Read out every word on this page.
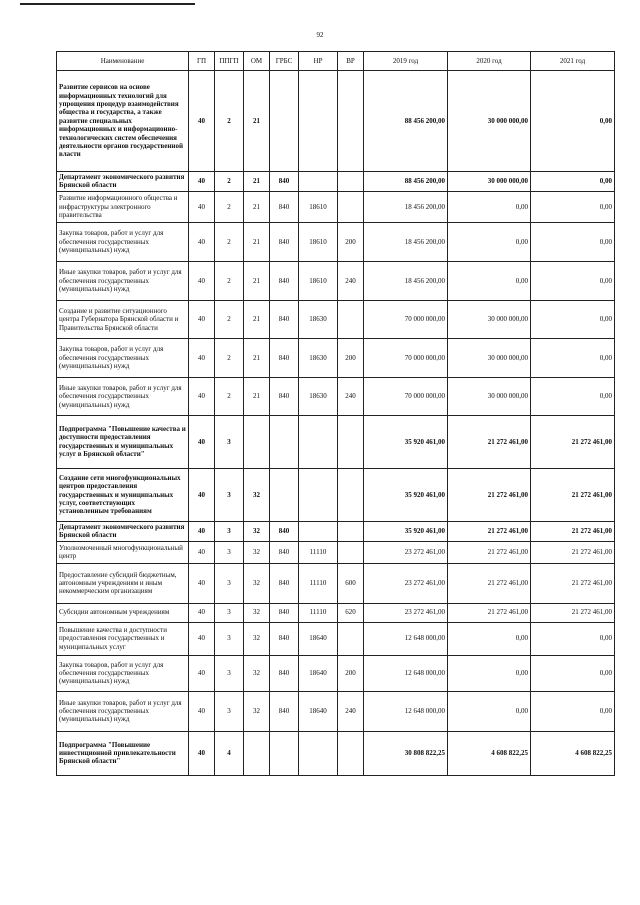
92
Наименование	ГП	ППГП	ОМ	ГРБС	НР	ВР	2019 год	2020 год	2021 год
Развитие сервисов на основе информационных технологий для упрощения процедур взаимодействия общества и государства, а также развитие специальных информационных и информационно-технологических систем обеспечения деятельности органов государственной власти	40	2	21				88 456 200,00	30 000 000,00	0,00
Департамент экономического развития Брянской области	40	2	21	840			88 456 200,00	30 000 000,00	0,00
Развитие информационного общества и инфраструктуры электронного правительства	40	2	21	840	18610		18 456 200,00	0,00	0,00
Закупка товаров, работ и услуг для обеспечения государственных (муниципальных) нужд	40	2	21	840	18610	200	18 456 200,00	0,00	0,00
Иные закупки товаров, работ и услуг для обеспечения государственных (муниципальных) нужд	40	2	21	840	18610	240	18 456 200,00	0,00	0,00
Создание и развитие ситуационного центра Губернатора Брянской области и Правительства Брянской области	40	2	21	840	18630		70 000 000,00	30 000 000,00	0,00
Закупка товаров, работ и услуг для обеспечения государственных (муниципальных) нужд	40	2	21	840	18630	200	70 000 000,00	30 000 000,00	0,00
Иные закупки товаров, работ и услуг для обеспечения государственных (муниципальных) нужд	40	2	21	840	18630	240	70 000 000,00	30 000 000,00	0,00
Подпрограмма "Повышение качества и доступности предоставления государственных и муниципальных услуг в Брянской области"	40	3					35 920 461,00	21 272 461,00	21 272 461,00
Создание сети многофункциональных центров предоставления государственных и муниципальных услуг, соответствующих установленным требованиям	40	3	32				35 920 461,00	21 272 461,00	21 272 461,00
Департамент экономического развития Брянской области	40	3	32	840			35 920 461,00	21 272 461,00	21 272 461,00
Уполномоченный многофункциональный центр	40	3	32	840	11110		23 272 461,00	21 272 461,00	21 272 461,00
Предоставление субсидий бюджетным, автономным учреждениям и иным некоммерческим организациям	40	3	32	840	11110	600	23 272 461,00	21 272 461,00	21 272 461,00
Субсидии автономным учреждениям	40	3	32	840	11110	620	23 272 461,00	21 272 461,00	21 272 461,00
Повышение качества и доступности предоставления государственных и муниципальных услуг	40	3	32	840	18640		12 648 000,00	0,00	0,00
Закупка товаров, работ и услуг для обеспечения государственных (муниципальных) нужд	40	3	32	840	18640	200	12 648 000,00	0,00	0,00
Иные закупки товаров, работ и услуг для обеспечения государственных (муниципальных) нужд	40	3	32	840	18640	240	12 648 000,00	0,00	0,00
Подпрограмма "Повышение инвестиционной привлекательности Брянской области"	40	4					30 808 822,25	4 608 822,25	4 608 822,25
